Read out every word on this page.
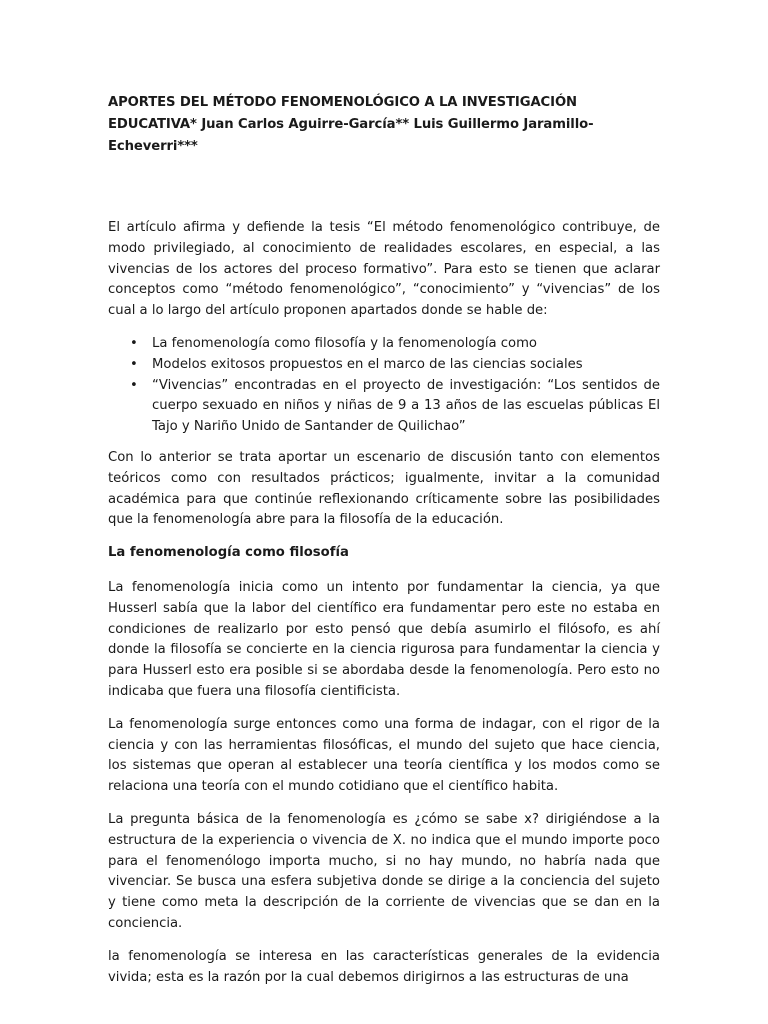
APORTES DEL MÉTODO FENOMENOLÓGICO A LA INVESTIGACIÓN EDUCATIVA* Juan Carlos Aguirre-García** Luis Guillermo Jaramillo-Echeverri***

El artículo afirma y defiende la tesis “El método fenomenológico contribuye, de modo privilegiado, al conocimiento de realidades escolares, en especial, a las vivencias de los actores del proceso formativo”. Para esto se tienen que aclarar conceptos como “método fenomenológico”, “conocimiento” y “vivencias” de los cual a lo largo del artículo proponen apartados donde se hable de:

• La fenomenología como filosofía y la fenomenología como
• Modelos exitosos propuestos en el marco de las ciencias sociales
• “Vivencias” encontradas en el proyecto de investigación: “Los sentidos de cuerpo sexuado en niños y niñas de 9 a 13 años de las escuelas públicas El Tajo y Nariño Unido de Santander de Quilichao”

Con lo anterior se trata aportar un escenario de discusión tanto con elementos teóricos como con resultados prácticos; igualmente, invitar a la comunidad académica para que continúe reflexionando críticamente sobre las posibilidades que la fenomenología abre para la filosofía de la educación.

La fenomenología como filosofía

La fenomenología inicia como un intento por fundamentar la ciencia, ya que Husserl sabía que la labor del científico era fundamentar pero este no estaba en condiciones de realizarlo por esto pensó que debía asumirlo el filósofo, es ahí donde la filosofía se concierte en la ciencia rigurosa para fundamentar la ciencia y para Husserl esto era posible si se abordaba desde la fenomenología. Pero esto no indicaba que fuera una filosofía cientificista.

La fenomenología surge entonces como una forma de indagar, con el rigor de la ciencia y con las herramientas filosóficas, el mundo del sujeto que hace ciencia, los sistemas que operan al establecer una teoría científica y los modos como se relaciona una teoría con el mundo cotidiano que el científico habita.

La pregunta básica de la fenomenología es ¿cómo se sabe x? dirigiéndose a la estructura de la experiencia o vivencia de X. no indica que el mundo importe poco para el fenomenólogo importa mucho, si no hay mundo, no habría nada que vivenciar. Se busca una esfera subjetiva donde se dirige a la conciencia del sujeto y tiene como meta la descripción de la corriente de vivencias que se dan en la conciencia.

la fenomenología se interesa en las características generales de la evidencia vivida; esta es la razón por la cual debemos dirigirnos a las estructuras de una
